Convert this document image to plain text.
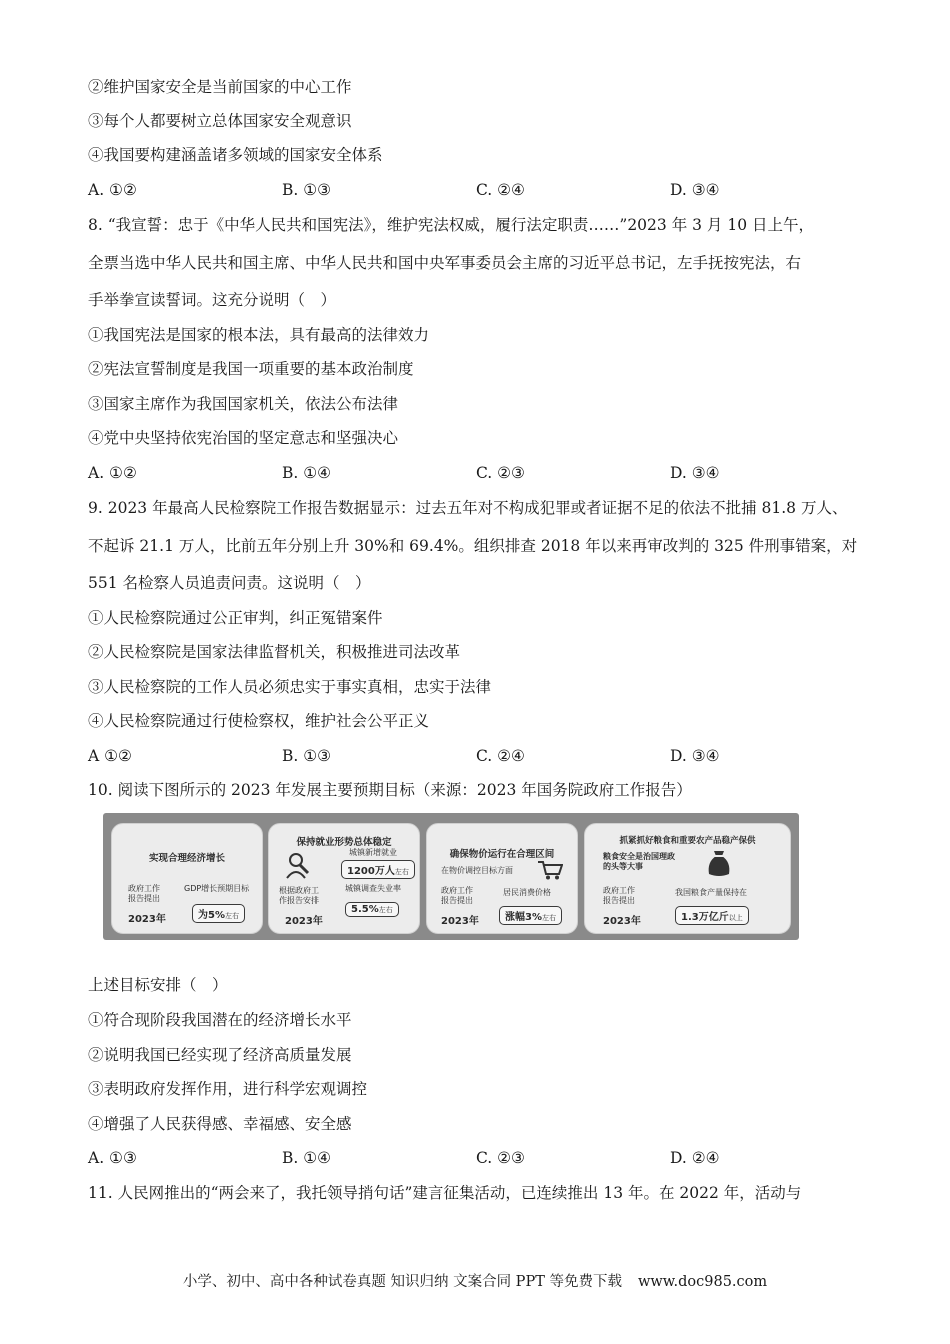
②维护国家安全是当前国家的中心工作
③每个人都要树立总体国家安全观意识
④我国要构建涵盖诸多领域的国家安全体系
A. ①②	B. ①③	C. ②④	D. ③④
8. “我宣誓：忠于《中华人民共和国宪法》，维护宪法权威，履行法定职责……”2023 年 3 月 10 日上午，
全票当选中华人民共和国主席、中华人民共和国中央军事委员会主席的习近平总书记，左手抚按宪法，右
手举拳宣读誓词。这充分说明（　）
①我国宪法是国家的根本法，具有最高的法律效力
②宪法宣誓制度是我国一项重要的基本政治制度
③国家主席作为我国国家机关，依法公布法律
④党中央坚持依宪治国的坚定意志和坚强决心
A. ①②	B. ①④	C. ②③	D. ③④
9. 2023 年最高人民检察院工作报告数据显示：过去五年对不构成犯罪或者证据不足的依法不批捕 81.8 万人、
不起诉 21.1 万人，比前五年分别上升 30%和 69.4%。组织排查 2018 年以来再审改判的 325 件刑事错案，对
551 名检察人员追责问责。这说明（　）
①人民检察院通过公正审判，纠正冤错案件
②人民检察院是国家法律监督机关，积极推进司法改革
③人民检察院的工作人员必须忠实于事实真相，忠实于法律
④人民检察院通过行使检察权，维护社会公平正义
A ①②	B. ①③	C. ②④	D. ③④
10. 阅读下图所示的 2023 年发展主要预期目标（来源：2023 年国务院政府工作报告）
实现合理经济增长
政府工作
报告提出
2023年
GDP增长预期目标
为5%左右
保持就业形势总体稳定
城镇新增就业
1200万人左右
根据政府工
作报告安排
2023年
城镇调查失业率
5.5%左右
确保物价运行在合理区间
在物价调控目标方面
政府工作
报告提出
2023年
居民消费价格
涨幅3%左右
抓紧抓好粮食和重要农产品稳产保供
粮食安全是治国理政
的头等大事
政府工作
报告提出
2023年
我国粮食产量保持在
1.3万亿斤以上
上述目标安排（　）
①符合现阶段我国潜在的经济增长水平
②说明我国已经实现了经济高质量发展
③表明政府发挥作用，进行科学宏观调控
④增强了人民获得感、幸福感、安全感
A. ①③	B. ①④	C. ②③	D. ②④
11. 人民网推出的“两会来了，我托领导捎句话”建言征集活动，已连续推出 13 年。在 2022 年，活动与
小学、初中、高中各种试卷真题 知识归纳 文案合同 PPT 等免费下载 www.doc985.com
